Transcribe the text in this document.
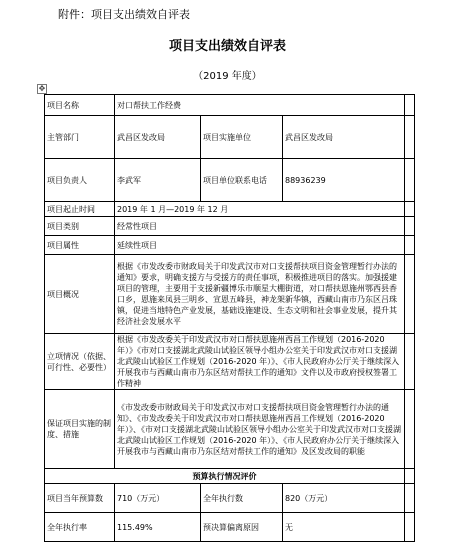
附件：项目支出绩效自评表
项目支出绩效自评表
（2019 年度）
✥
项目名称	对口帮扶工作经费			
主管部门	武昌区发改局	项目实施单位	武昌区发改局	
项目负责人	李武军	项目单位联系电话	88936239	
项目起止时间	2019 年 1 月—2019 年 12 月			
项目类别	经常性项目			
项目属性	延续性项目			
项目概况	根据《市发改委市财政局关于印发武汉市对口支援帮扶项目资金管理暂行办法的通知》要求，明确支援方与受援方的责任事项，积极推进项目的落实。加强援建项目的管理，主要用于支援新疆博乐市顺星大棚街道，对口帮扶恩施州鄂西县香口乡，恩施来凤县三明乡、宣恩五峰县，神龙架新华镇，西藏山南市乃东区吕珠镇，促进当地特色产业发展，基础设施建设、生态文明和社会事业发展，提升其经济社会发展水平			
立项情况（依据、可行性、必要性）	根据《市发改委关于印发武汉市对口帮扶恩施州西昌工作规划（2016-2020 年）》《市对口支援湖北武陵山试验区领导小组办公室关于印发武汉市对口支援湖北武陵山试验区工作规划（2016-2020 年）》、《市人民政府办公厅关于继续深入开展我市与西藏山南市乃东区结对帮扶工作的通知》文件以及市政府授权签署工作精神			
保证项目实施的制度、措施	《市发改委市财政局关于印发武汉市对口支援帮扶项目资金管理暂行办法的通知》、《市发改委关于印发武汉市对口帮扶恩施州西昌工作规划（2016-2020 年）》、《市对口支援湖北武陵山试验区领导小组办公室关于印发武汉市对口支援湖北武陵山试验区工作规划（2016-2020 年）》、《市人民政府办公厅关于继续深入开展我市与西藏山南市乃东区结对帮扶工作的通知》及区发改局的职能			
预算执行情况评价				
项目当年预算数	710（万元）	全年执行数	820（万元）	
全年执行率	115.49%	预决算偏离原因	无	
